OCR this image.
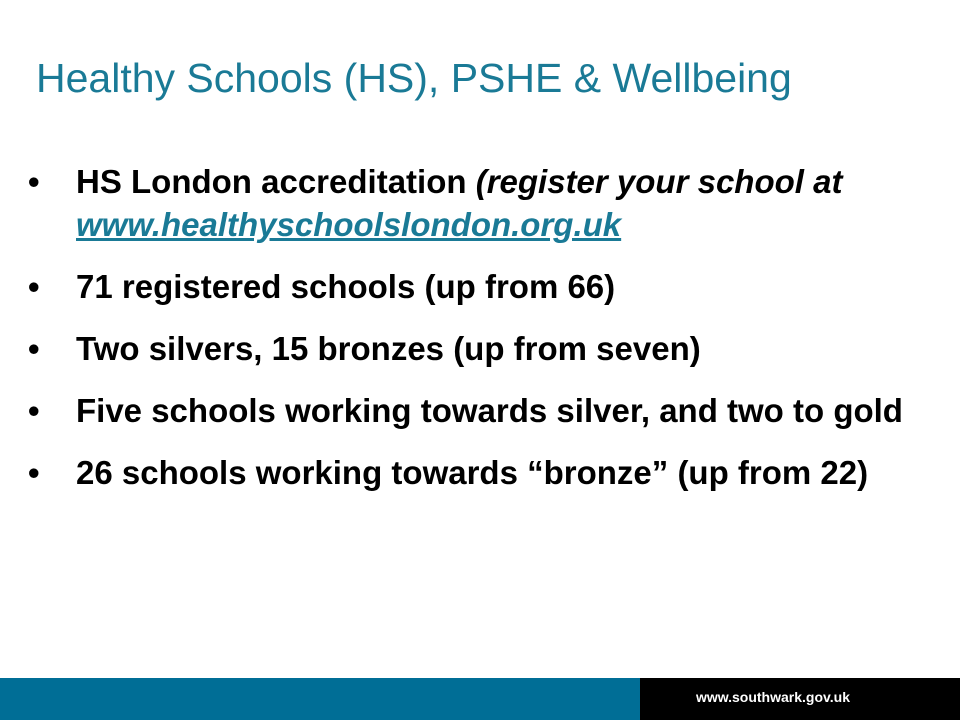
Healthy Schools (HS), PSHE & Wellbeing
• HS London accreditation (register your school at www.healthyschoolslondon.org.uk
• 71 registered schools (up from 66)
• Two silvers, 15 bronzes (up from seven)
• Five schools working towards silver, and two to gold
• 26 schools working towards “bronze” (up from 22)
www.southwark.gov.uk
